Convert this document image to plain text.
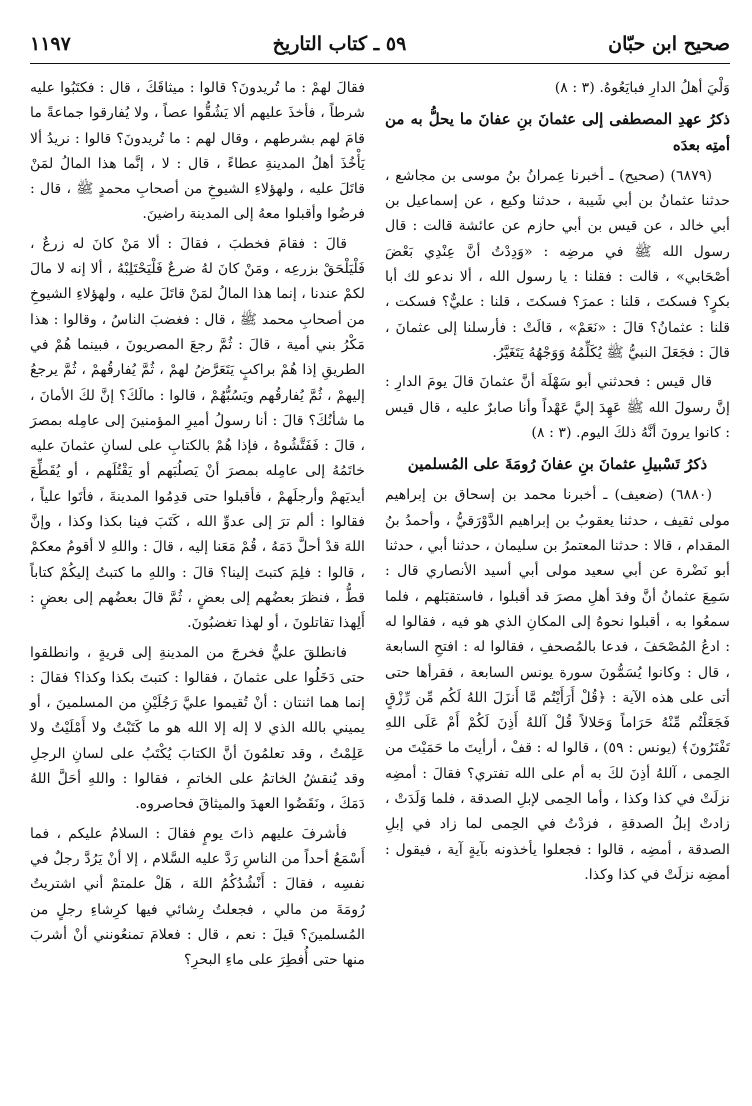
صحيح ابن حبّان
٥٩ ـ كتاب التاريخ
١١٩٧

وَلْيَ أهلُ الدارِ فبايَعُوهُ. (٣ : ٨)

ذكرُ عهدِ المصطفى إلى عثمانَ بنِ عفانَ ما يحلُّ به من أمتِه بعدَه

(٦٨٧٩) (صحيح) ـ أخبرنا عِمرانُ بنُ موسى بن مجاشع ، حدثنا عثمانُ بن أبي شَيبة ، حدثنا وكيع ، عن إسماعيل بن أبي خالد ، عن قيس بن أبي حازم عن عائشة قالت : قال رسول الله ﷺ في مرضِه : «وَدِدْتُ أنَّ عِنْدِي بَعْضَ أصْحَابي» ، قالت : فقلنا : يا رسول الله ، ألا ندعو لك أبا بكرٍ؟ فسكتَ ، قلنا : عمرَ؟ فسكتَ ، قلنا : عليٌّ؟ فسكت ، قلنا : عثمانُ؟ قالَ : «نَعَمْ» ، قالَتْ : فأرسلنا إلى عثمانَ ، قالَ : فجَعَلَ النبيُّ ﷺ يُكَلِّمُهُ وَوَجْهُهُ يَتَغَيَّرُ.

قال قيس : فحدثني أبو سَهْلَة أنَّ عثمانَ قالَ يومَ الدارِ : إنَّ رسولَ الله ﷺ عَهِدَ إليَّ عَهْداً وأنا صابرٌ عليه ، قال قيس : كانوا يرونَ أنَّهُ ذلكَ اليوم. (٣ : ٨)

ذكرُ تَسْبيلِ عثمانَ بنِ عفانَ رُومَةَ على المُسلمين

(٦٨٨٠) (ضعيف) ـ أخبرنا محمد بن إسحاق بن إبراهيم مولى ثقيف ، حدثنا يعقوبُ بن إبراهيم الدَّوْرَقيُّ ، وأحمدُ بنُ المقدام ، قالا : حدثنا المعتمرُ بن سليمان ، حدثنا أبي ، حدثنا أبو نَضْرة عن أبي سعيد مولى أبي أسيد الأنصاري قال : سَمِعَ عثمانُ أنَّ وفدَ أهلِ مصرَ قد أقبلوا ، فاستقبَلهم ، فلما سمعُوا به ، أقبلوا نحوهُ إلى المكانِ الذي هو فيه ، فقالوا له : ادعُ المُصْحَفَ ، فدعا بالمُصحفِ ، فقالوا له : افتحِ السابعة ، قال : وكانوا يُسَمُّونَ سورة يونس السابعة ، فقرأها حتى أتى على هذه الآية : ﴿قُلْ أَرَأَيْتُم مَّا أَنزَلَ اللهُ لَكُم مِّن رِّزْقٍ فَجَعَلْتُم مِّنْهُ حَرَاماً وَحَلالاً قُلْ آللهُ أَذِنَ لَكُمْ أَمْ عَلَى اللهِ تَفْتَرُونَ﴾ (يونس : ٥٩) ، قالوا له : قفْ ، أرأيتَ ما حَمَيْتَ من الحِمى ، آللهُ أذِنَ لكَ به أم على الله تفتري؟ فقالَ : أمضِه نزلَتْ في كذا وكذا ، وأما الحِمى لإبلِ الصدقة ، فلما وَلَدَتْ ، زادتْ إبلُ الصدقةِ ، فزدْتُ في الحِمى لما زاد في إبلِ الصدقة ، أمضِه ، قالوا : فجعلوا يأخذونه بآيةٍ آية ، فيقول : أمضِه نزلَتْ في كذا وكذا.

فقالَ لهمْ : ما تُريدونَ؟ قالوا : ميثاقَكَ ، قال : فكتَبُوا عليه شرطاً ، فأخذَ عليهم ألا يَشُقُّوا عصاً ، ولا يُفارقوا جماعةً ما قامَ لهم بشرطهم ، وقال لهم : ما تُريدونَ؟ قالوا : نريدُ ألا يَأْخُذَ أهلُ المدينةِ عطاءً ، قال : لا ، إنَّما هذا المالُ لمَنْ قاتَلَ عليه ، ولهؤلاءِ الشيوخِ من أصحابِ محمدٍ ﷺ ، قال : فرضُوا وأقبلوا معهُ إلى المدينة راضينَ.

قالَ : فقامَ فخطبَ ، فقالَ : ألا مَنْ كانَ له زرعٌ ، فَلْيَلْحَقْ بزرعِه ، ومَنْ كانَ لهُ ضرعٌ فَلْيَحْتَلِبْهُ ، ألا إنه لا مالَ لكمْ عندنا ، إنما هذا المالُ لمَنْ قاتَلَ عليه ، ولهؤلاءِ الشيوخِ من أصحابِ محمد ﷺ ، قال : فغضبَ الناسُ ، وقالوا : هذا مَكْرُ بني أمية ، قالَ : ثُمَّ رجعَ المصريونَ ، فبينما هُمْ في الطريقِ إذا هُمْ براكبٍ يَتَعَرَّضُ لهمْ ، ثُمَّ يُفارقُهمْ ، ثُمَّ يرجعُ إليهمْ ، ثُمَّ يُفارقُهم ويَسُبُّهُمْ ، قالوا : مالَكَ؟ إنَّ لكَ الأمانَ ، ما شأنُكَ؟ قالَ : أنا رسولُ أميرِ المؤمنينَ إلى عامِله بمصرَ ، قالَ : فَفَتَّشُوهُ ، فإذا هُمْ بالكتابِ على لسانِ عثمانَ عليه خاتَمُهُ إلى عامِله بمصرَ أنْ يَصلُبَهم أو يَقْتُلَهم ، أو يُقَطِّعَ أيديَهمْ وأرجلَهمْ ، فأقبلوا حتى قدِمُوا المدينةَ ، فأتَوا علياً ، فقالوا : ألم ترَ إلى عدوِّ الله ، كَتَبَ فينا بكذا وكذا ، وإنَّ اللهَ قدْ أحلَّ دَمَهُ ، قُمْ مَعَنا إليه ، قالَ : واللهِ لا أقومُ معكمْ ، قالوا : فلِمَ كتبتَ إلينا؟ قالَ : واللهِ ما كتبتُ إليكُمْ كتاباً قطُّ ، فنظرَ بعضُهم إلى بعضٍ ، ثُمَّ قالَ بعضُهم إلى بعضٍ : أَلِهذا تقاتلونَ ، أو لهذا تغضبُونَ.

فانطلقَ عليٌّ فخرجَ من المدينةِ إلى قريةٍ ، وانطلقوا حتى دَخَلُوا على عثمانَ ، فقالوا : كتبتَ بكذا وكذا؟ فقالَ : إنما هما اثنتان : أنْ تُقيموا عليَّ رَجُلَيْنِ من المسلمينَ ، أو يميني بالله الذي لا إله إلا الله هو ما كَتَبْتُ ولا أَمْلَيْتُ ولا عَلِمْتُ ، وقد تعلمُونَ أنَّ الكتابَ يُكْتَبُ على لسانِ الرجلِ وقد يُنقشُ الخاتمُ على الخاتمِ ، فقالوا : واللهِ أحَلَّ اللهُ دَمَكَ ، ونَقَضُوا العهدَ والميثاقَ فحاصروه.

فأشرفَ عليهم ذاتَ يومٍ فقالَ : السلامُ عليكم ، فما أَسْمَعُ أحداً من الناسِ رَدَّ عليه السَّلام ، إلا أنْ يَرُدَّ رجلٌ في نفسِه ، فقالَ : أَنْشُدُكُمُ اللهَ ، هَلْ علمتمْ أني اشتريتُ رُومَةَ من مالي ، فجعلتُ رِشائي فيها كرِشاءِ رجلٍ من المُسلمينَ؟ قيلَ : نعم ، قال : فعلامَ تمنعُونني أنْ أشربَ منها حتى أُفطِرَ على ماءِ البحرِ؟
